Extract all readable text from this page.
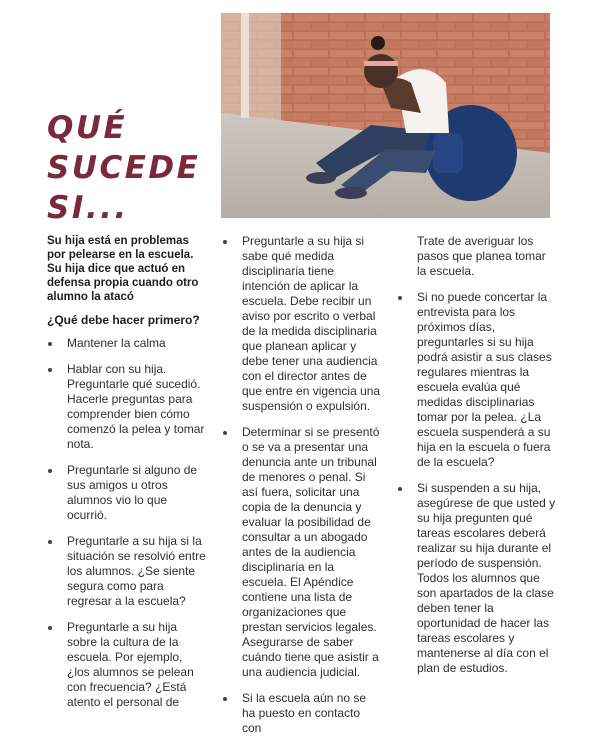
QUÉ
SUCEDE
SI...

Su hija está en problemas por pelearse en la escuela. Su hija dice que actuó en defensa propia cuando otro alumno la atacó

¿Qué debe hacer primero?

Mantener la calma
Hablar con su hija. Preguntarle qué sucedió. Hacerle preguntas para comprender bien cómo comenzó la pelea y tomar nota.
Preguntarle si alguno de sus amigos u otros alumnos vio lo que ocurrió.
Preguntarle a su hija si la situación se resolvió entre los alumnos. ¿Se siente segura como para regresar a la escuela?
Preguntarle a su hija sobre la cultura de la escuela. Por ejemplo, ¿los alumnos se pelean con frecuencia? ¿Está atento el personal de
Preguntarle a su hija si sabe qué medida disciplinaria tiene intención de aplicar la escuela. Debe recibir un aviso por escrito o verbal de la medida disciplinaria que planean aplicar y debe tener una audiencia con el director antes de que entre en vigencia una suspensión o expulsión.
Determinar si se presentó o se va a presentar una denuncia ante un tribunal de menores o penal. Si así fuera, solicitar una copia de la denuncia y evaluar la posibilidad de consultar a un abogado antes de la audiencia disciplinaria en la escuela. El Apéndice contiene una lista de organizaciones que prestan servicios legales. Asegurarse de saber cuándo tiene que asistir a una audiencia judicial.
Si la escuela aún no se ha puesto en contacto con

Trate de averiguar los pasos que planea tomar la escuela.

Si no puede concertar la entrevista para los próximos días, preguntarles si su hija podrá asistir a sus clases regulares mientras la escuela evalúa qué medidas disciplinarias tomar por la pelea. ¿La escuela suspenderá a su hija en la escuela o fuera de la escuela?
Si suspenden a su hija, asegúrese de que usted y su hija pregunten qué tareas escolares deberá realizar su hija durante el período de suspensión. Todos los alumnos que son apartados de la clase deben tener la oportunidad de hacer las tareas escolares y mantenerse al día con el plan de estudios.
